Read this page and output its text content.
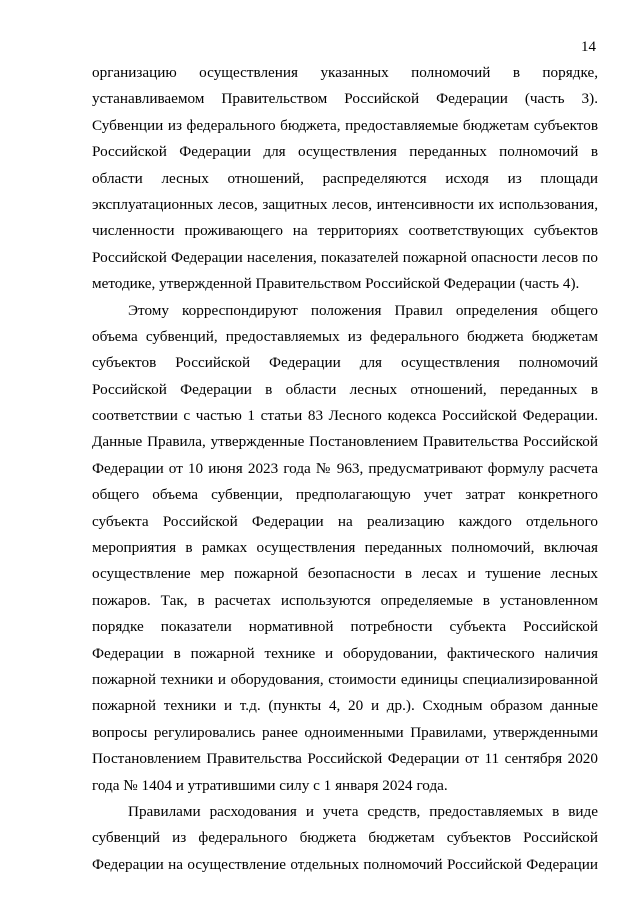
14
организацию осуществления указанных полномочий в порядке,
устанавливаемом Правительством Российской Федерации (часть 3).
Субвенции из федерального бюджета, предоставляемые бюджетам субъектов
Российской Федерации для осуществления переданных полномочий в
области лесных отношений, распределяются исходя из площади
эксплуатационных лесов, защитных лесов, интенсивности их использования,
численности проживающего на территориях соответствующих субъектов
Российской Федерации населения, показателей пожарной опасности лесов по
методике, утвержденной Правительством Российской Федерации (часть 4).
Этому корреспондируют положения Правил определения общего
объема субвенций, предоставляемых из федерального бюджета бюджетам
субъектов Российской Федерации для осуществления полномочий
Российской Федерации в области лесных отношений, переданных в
соответствии с частью 1 статьи 83 Лесного кодекса Российской Федерации.
Данные Правила, утвержденные Постановлением Правительства Российской
Федерации от 10 июня 2023 года № 963, предусматривают формулу расчета
общего объема субвенции, предполагающую учет затрат конкретного
субъекта Российской Федерации на реализацию каждого отдельного
мероприятия в рамках осуществления переданных полномочий, включая
осуществление мер пожарной безопасности в лесах и тушение лесных
пожаров. Так, в расчетах используются определяемые в установленном
порядке показатели нормативной потребности субъекта Российской
Федерации в пожарной технике и оборудовании, фактического наличия
пожарной техники и оборудования, стоимости единицы специализированной
пожарной техники и т.д. (пункты 4, 20 и др.). Сходным образом данные
вопросы регулировались ранее одноименными Правилами, утвержденными
Постановлением Правительства Российской Федерации от 11 сентября 2020
года № 1404 и утратившими силу с 1 января 2024 года.
Правилами расходования и учета средств, предоставляемых в виде
субвенций из федерального бюджета бюджетам субъектов Российской
Федерации на осуществление отдельных полномочий Российской Федерации
